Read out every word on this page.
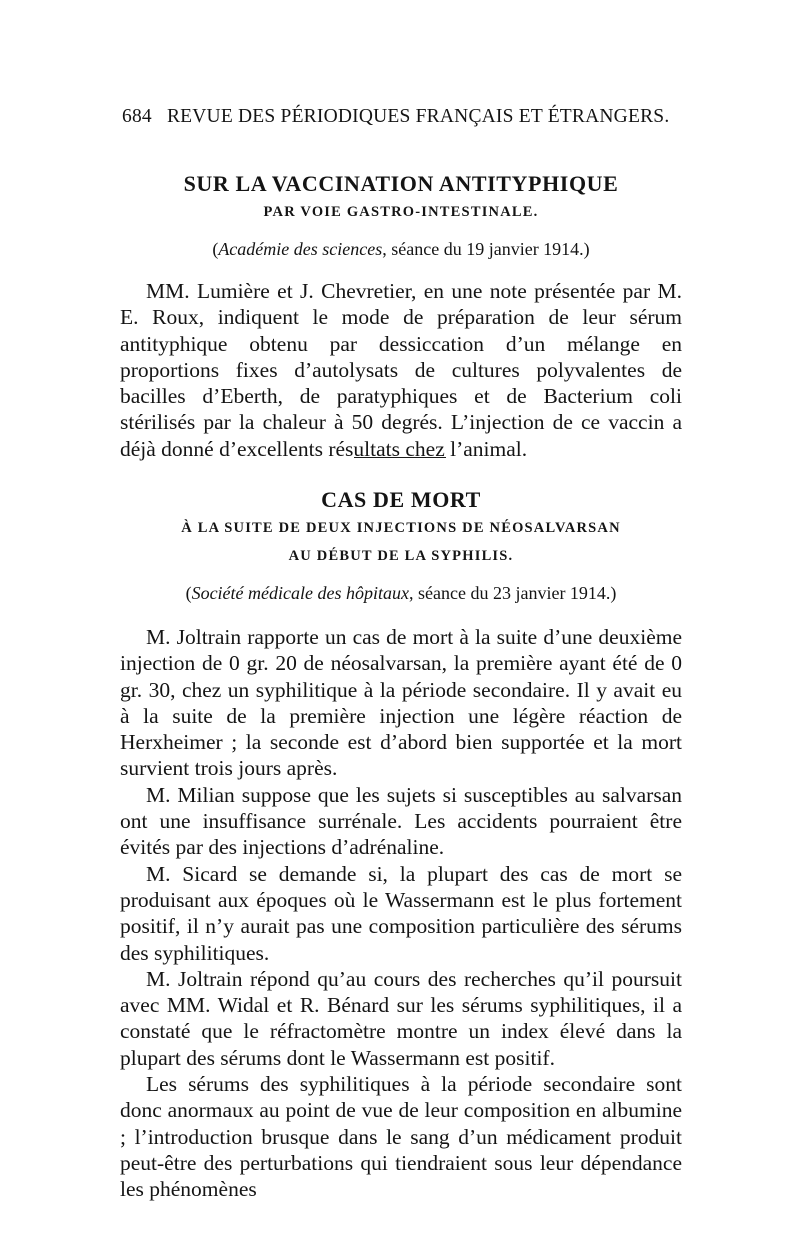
684 REVUE DES PÉRIODIQUES FRANÇAIS ET ÉTRANGERS.
SUR LA VACCINATION ANTITYPHIQUE
PAR VOIE GASTRO-INTESTINALE.
(Académie des sciences, séance du 19 janvier 1914.)

MM. Lumière et J. Chevretier, en une note présentée par M. E. Roux, indiquent le mode de préparation de leur sérum antityphique obtenu par dessiccation d’un mélange en proportions fixes d’autolysats de cultures polyvalentes de bacilles d’Eberth, de paratyphiques et de Bacterium coli stérilisés par la chaleur à 50 degrés. L’injection de ce vaccin a déjà donné d’excellents résultats chez l’animal.

CAS DE MORT
À LA SUITE DE DEUX INJECTIONS DE NÉOSALVARSAN
AU DÉBUT DE LA SYPHILIS.
(Société médicale des hôpitaux, séance du 23 janvier 1914.)

M. Joltrain rapporte un cas de mort à la suite d’une deuxième injection de 0 gr. 20 de néosalvarsan, la première ayant été de 0 gr. 30, chez un syphilitique à la période secondaire. Il y avait eu à la suite de la première injection une légère réaction de Herxheimer ; la seconde est d’abord bien supportée et la mort survient trois jours après.

M. Milian suppose que les sujets si susceptibles au salvarsan ont une insuffisance surrénale. Les accidents pourraient être évités par des injections d’adrénaline.

M. Sicard se demande si, la plupart des cas de mort se produisant aux époques où le Wassermann est le plus fortement positif, il n’y aurait pas une composition particulière des sérums des syphilitiques.

M. Joltrain répond qu’au cours des recherches qu’il poursuit avec MM. Widal et R. Bénard sur les sérums syphilitiques, il a constaté que le réfractomètre montre un index élevé dans la plupart des sérums dont le Wassermann est positif.

Les sérums des syphilitiques à la période secondaire sont donc anormaux au point de vue de leur composition en albumine ; l’introduction brusque dans le sang d’un médicament produit peut-être des perturbations qui tiendraient sous leur dépendance les phénomènes
